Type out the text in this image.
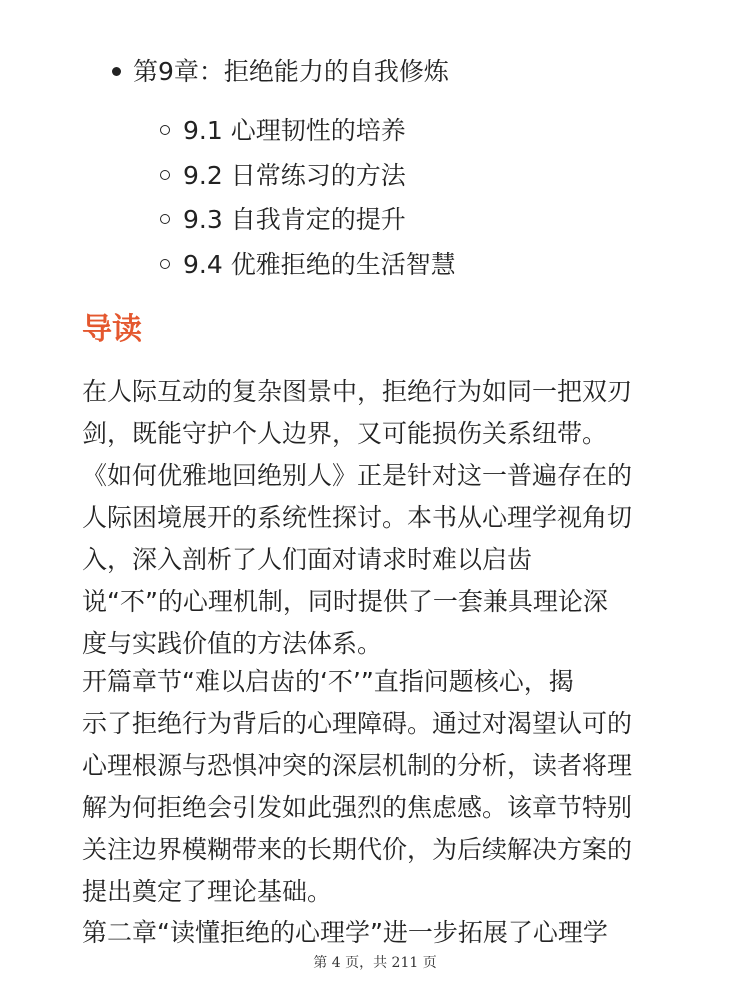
第9章：拒绝能力的自我修炼
9.1 心理韧性的培养
9.2 日常练习的方法
9.3 自我肯定的提升
9.4 优雅拒绝的生活智慧
导读

在人际互动的复杂图景中，拒绝行为如同一把双刃
剑，既能守护个人边界，又可能损伤关系纽带。
《如何优雅地回绝别人》正是针对这一普遍存在的
人际困境展开的系统性探讨。本书从心理学视角切
入，深入剖析了人们面对请求时难以启齿
说“不”的心理机制，同时提供了一套兼具理论深
度与实践价值的方法体系。

开篇章节“难以启齿的‘不’”直指问题核心，揭
示了拒绝行为背后的心理障碍。通过对渴望认可的
心理根源与恐惧冲突的深层机制的分析，读者将理
解为何拒绝会引发如此强烈的焦虑感。该章节特别
关注边界模糊带来的长期代价，为后续解决方案的
提出奠定了理论基础。

第二章“读懂拒绝的心理学”进一步拓展了心理学

第 4 页，共 211 页
